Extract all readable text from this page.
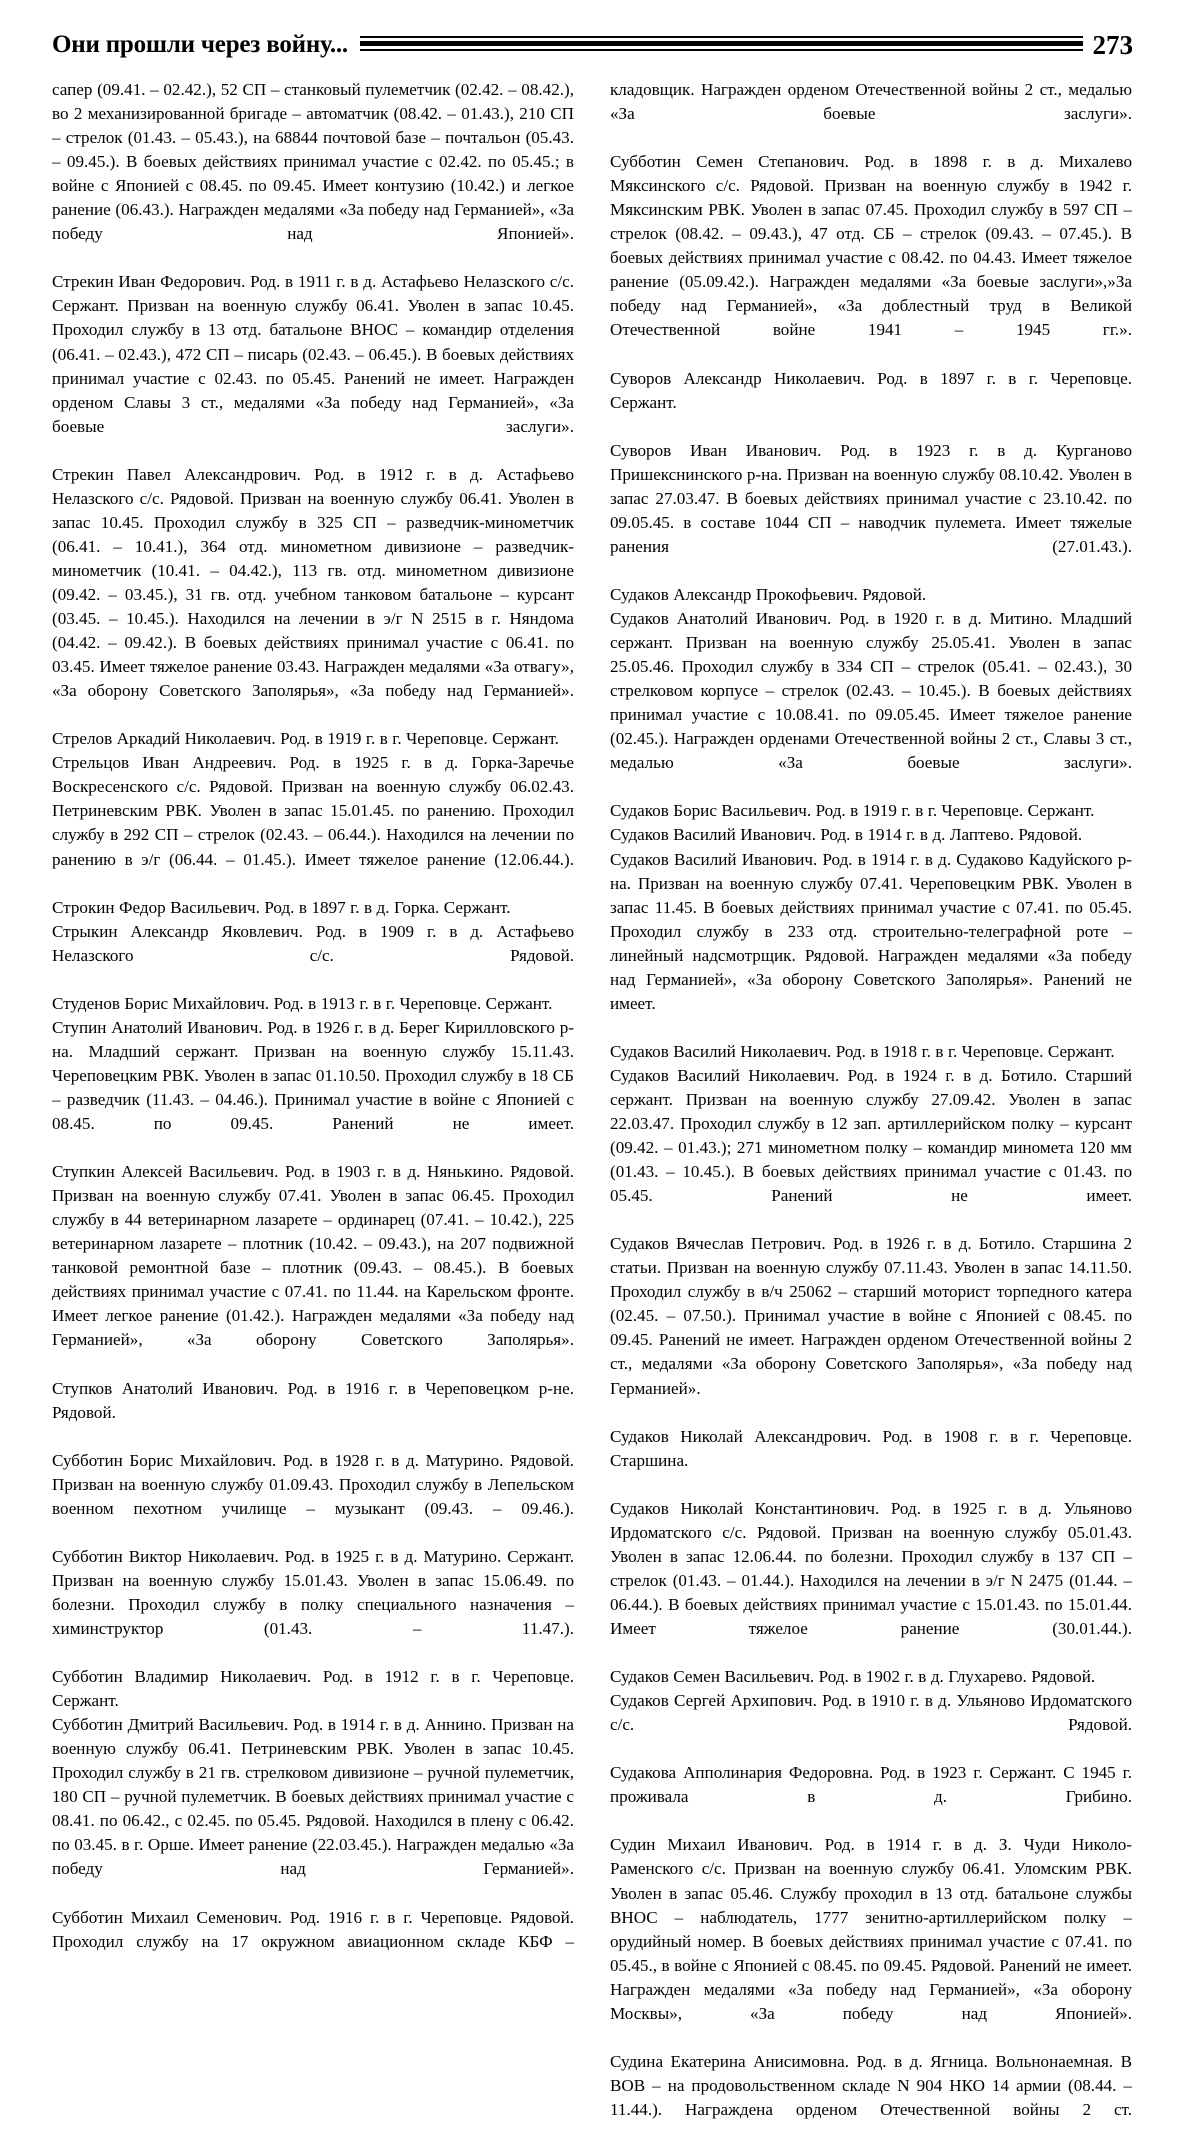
Они прошли через войну...	273

сапер (09.41. – 02.42.), 52 СП – станковый пулеметчик (02.42. – 08.42.), во 2 механизированной бригаде – автоматчик (08.42. – 01.43.), 210 СП – стрелок (01.43. – 05.43.), на 68844 почтовой базе – почтальон (05.43. – 09.45.). В боевых действиях принимал участие с 02.42. по 05.45.; в войне с Японией с 08.45. по 09.45. Имеет контузию (10.42.) и легкое ранение (06.43.). Награжден медалями «За победу над Германией», «За победу над Японией».

Стрекин Иван Федорович. Род. в 1911 г. в д. Астафьево Нелазского с/с. Сержант. Призван на военную службу 06.41. Уволен в запас 10.45. Проходил службу в 13 отд. батальоне ВНОС – командир отделения (06.41. – 02.43.), 472 СП – писарь (02.43. – 06.45.). В боевых действиях принимал участие с 02.43. по 05.45. Ранений не имеет. Награжден орденом Славы 3 ст., медалями «За победу над Германией», «За боевые заслуги».

Стрекин Павел Александрович. Род. в 1912 г. в д. Астафьево Нелазского с/с. Рядовой. Призван на военную службу 06.41. Уволен в запас 10.45. Проходил службу в 325 СП – разведчик-минометчик (06.41. – 10.41.), 364 отд. минометном дивизионе – разведчик-минометчик (10.41. – 04.42.), 113 гв. отд. минометном дивизионе (09.42. – 03.45.), 31 гв. отд. учебном танковом батальоне – курсант (03.45. – 10.45.). Находился на лечении в э/г N 2515 в г. Няндома (04.42. – 09.42.). В боевых действиях принимал участие с 06.41. по 03.45. Имеет тяжелое ранение 03.43. Награжден медалями «За отвагу», «За оборону Советского Заполярья», «За победу над Германией».

Стрелов Аркадий Николаевич. Род. в 1919 г. в г. Череповце. Сержант.

Стрельцов Иван Андреевич. Род. в 1925 г. в д. Горка-Заречье Воскресенского с/с. Рядовой. Призван на военную службу 06.02.43. Петриневским РВК. Уволен в запас 15.01.45. по ранению. Проходил службу в 292 СП – стрелок (02.43. – 06.44.). Находился на лечении по ранению в э/г (06.44. – 01.45.). Имеет тяжелое ранение (12.06.44.).

Строкин Федор Васильевич. Род. в 1897 г. в д. Горка. Сержант.

Стрыкин Александр Яковлевич. Род. в 1909 г. в д. Астафьево Нелазского с/с. Рядовой.

Студенов Борис Михайлович. Род. в 1913 г. в г. Череповце. Сержант.

Ступин Анатолий Иванович. Род. в 1926 г. в д. Берег Кирилловского р-на. Младший сержант. Призван на военную службу 15.11.43. Череповецким РВК. Уволен в запас 01.10.50. Проходил службу в 18 СБ – разведчик (11.43. – 04.46.). Принимал участие в войне с Японией с 08.45. по 09.45. Ранений не имеет.

Ступкин Алексей Васильевич. Род. в 1903 г. в д. Нянькино. Рядовой. Призван на военную службу 07.41. Уволен в запас 06.45. Проходил службу в 44 ветеринарном лазарете – ординарец (07.41. – 10.42.), 225 ветеринарном лазарете – плотник (10.42. – 09.43.), на 207 подвижной танковой ремонтной базе – плотник (09.43. – 08.45.). В боевых действиях принимал участие с 07.41. по 11.44. на Карельском фронте. Имеет легкое ранение (01.42.). Награжден медалями «За победу над Германией», «За оборону Советского Заполярья».

Ступков Анатолий Иванович. Род. в 1916 г. в Череповецком р-не. Рядовой.

Субботин Борис Михайлович. Род. в 1928 г. в д. Матурино. Рядовой. Призван на военную службу 01.09.43. Проходил службу в Лепельском военном пехотном училище – музыкант (09.43. – 09.46.).

Субботин Виктор Николаевич. Род. в 1925 г. в д. Матурино. Сержант. Призван на военную службу 15.01.43. Уволен в запас 15.06.49. по болезни. Проходил службу в полку специального назначения – химинструктор (01.43. – 11.47.).

Субботин Владимир Николаевич. Род. в 1912 г. в г. Череповце. Сержант.

Субботин Дмитрий Васильевич. Род. в 1914 г. в д. Аннино. Призван на военную службу 06.41. Петриневским РВК. Уволен в запас 10.45. Проходил службу в 21 гв. стрелковом дивизионе – ручной пулеметчик, 180 СП – ручной пулеметчик. В боевых действиях принимал участие с 08.41. по 06.42., с 02.45. по 05.45. Рядовой. Находился в плену с 06.42. по 03.45. в г. Орше. Имеет ранение (22.03.45.). Награжден медалью «За победу над Германией».

Субботин Михаил Семенович. Род. 1916 г. в г. Череповце. Рядовой. Проходил службу на 17 окружном авиационном складе КБФ –

кладовщик. Награжден орденом Отечественной войны 2 ст., медалью «За боевые заслуги».

Субботин Семен Степанович. Род. в 1898 г. в д. Михалево Мяксинского с/с. Рядовой. Призван на военную службу в 1942 г. Мяксинским РВК. Уволен в запас 07.45. Проходил службу в 597 СП – стрелок (08.42. – 09.43.), 47 отд. СБ – стрелок (09.43. – 07.45.). В боевых действиях принимал участие с 08.42. по 04.43. Имеет тяжелое ранение (05.09.42.). Награжден медалями «За боевые заслуги»,»За победу над Германией», «За доблестный труд в Великой Отечественной войне 1941 – 1945 гг.».

Суворов Александр Николаевич. Род. в 1897 г. в г. Череповце. Сержант.

Суворов Иван Иванович. Род. в 1923 г. в д. Курганово Пришекснинского р-на. Призван на военную службу 08.10.42. Уволен в запас 27.03.47. В боевых действиях принимал участие с 23.10.42. по 09.05.45. в составе 1044 СП – наводчик пулемета. Имеет тяжелые ранения (27.01.43.).

Судаков Александр Прокофьевич. Рядовой.

Судаков Анатолий Иванович. Род. в 1920 г. в д. Митино. Младший сержант. Призван на военную службу 25.05.41. Уволен в запас 25.05.46. Проходил службу в 334 СП – стрелок (05.41. – 02.43.), 30 стрелковом корпусе – стрелок (02.43. – 10.45.). В боевых действиях принимал участие с 10.08.41. по 09.05.45. Имеет тяжелое ранение (02.45.). Награжден орденами Отечественной войны 2 ст., Славы 3 ст., медалью «За боевые заслуги».

Судаков Борис Васильевич. Род. в 1919 г. в г. Череповце. Сержант.

Судаков Василий Иванович. Род. в 1914 г. в д. Лаптево. Рядовой.

Судаков Василий Иванович. Род. в 1914 г. в д. Судаково Кадуйского р-на. Призван на военную службу 07.41. Череповецким РВК. Уволен в запас 11.45. В боевых действиях принимал участие с 07.41. по 05.45. Проходил службу в 233 отд. строительно-телеграфной роте – линейный надсмотрщик. Рядовой. Награжден медалями «За победу над Германией», «За оборону Советского Заполярья». Ранений не имеет.

Судаков Василий Николаевич. Род. в 1918 г. в г. Череповце. Сержант.

Судаков Василий Николаевич. Род. в 1924 г. в д. Ботило. Старший сержант. Призван на военную службу 27.09.42. Уволен в запас 22.03.47. Проходил службу в 12 зап. артиллерийском полку – курсант (09.42. – 01.43.); 271 минометном полку – командир миномета 120 мм (01.43. – 10.45.). В боевых действиях принимал участие с 01.43. по 05.45. Ранений не имеет.

Судаков Вячеслав Петрович. Род. в 1926 г. в д. Ботило. Старшина 2 статьи. Призван на военную службу 07.11.43. Уволен в запас 14.11.50. Проходил службу в в/ч 25062 – старший моторист торпедного катера (02.45. – 07.50.). Принимал участие в войне с Японией с 08.45. по 09.45. Ранений не имеет. Награжден орденом Отечественной войны 2 ст., медалями «За оборону Советского Заполярья», «За победу над Германией».

Судаков Николай Александрович. Род. в 1908 г. в г. Череповце. Старшина.

Судаков Николай Константинович. Род. в 1925 г. в д. Ульяново Ирдоматского с/с. Рядовой. Призван на военную службу 05.01.43. Уволен в запас 12.06.44. по болезни. Проходил службу в 137 СП – стрелок (01.43. – 01.44.). Находился на лечении в э/г N 2475 (01.44. – 06.44.). В боевых действиях принимал участие с 15.01.43. по 15.01.44. Имеет тяжелое ранение (30.01.44.).

Судаков Семен Васильевич. Род. в 1902 г. в д. Глухарево. Рядовой.

Судаков Сергей Архипович. Род. в 1910 г. в д. Ульяново Ирдоматского с/с. Рядовой.

Судакова Апполинария Федоровна. Род. в 1923 г. Сержант. С 1945 г. проживала в д. Грибино.

Судин Михаил Иванович. Род. в 1914 г. в д. З. Чуди Николо-Раменского с/с. Призван на военную службу 06.41. Уломским РВК. Уволен в запас 05.46. Службу проходил в 13 отд. батальоне службы ВНОС – наблюдатель, 1777 зенитно-артиллерийском полку – орудийный номер. В боевых действиях принимал участие с 07.41. по 05.45., в войне с Японией с 08.45. по 09.45. Рядовой. Ранений не имеет. Награжден медалями «За победу над Германией», «За оборону Москвы», «За победу над Японией».

Судина Екатерина Анисимовна. Род. в д. Ягница. Вольнонаемная. В ВОВ – на продовольственном складе N 904 НКО 14 армии (08.44. – 11.44.). Награждена орденом Отечественной войны 2 ст.
